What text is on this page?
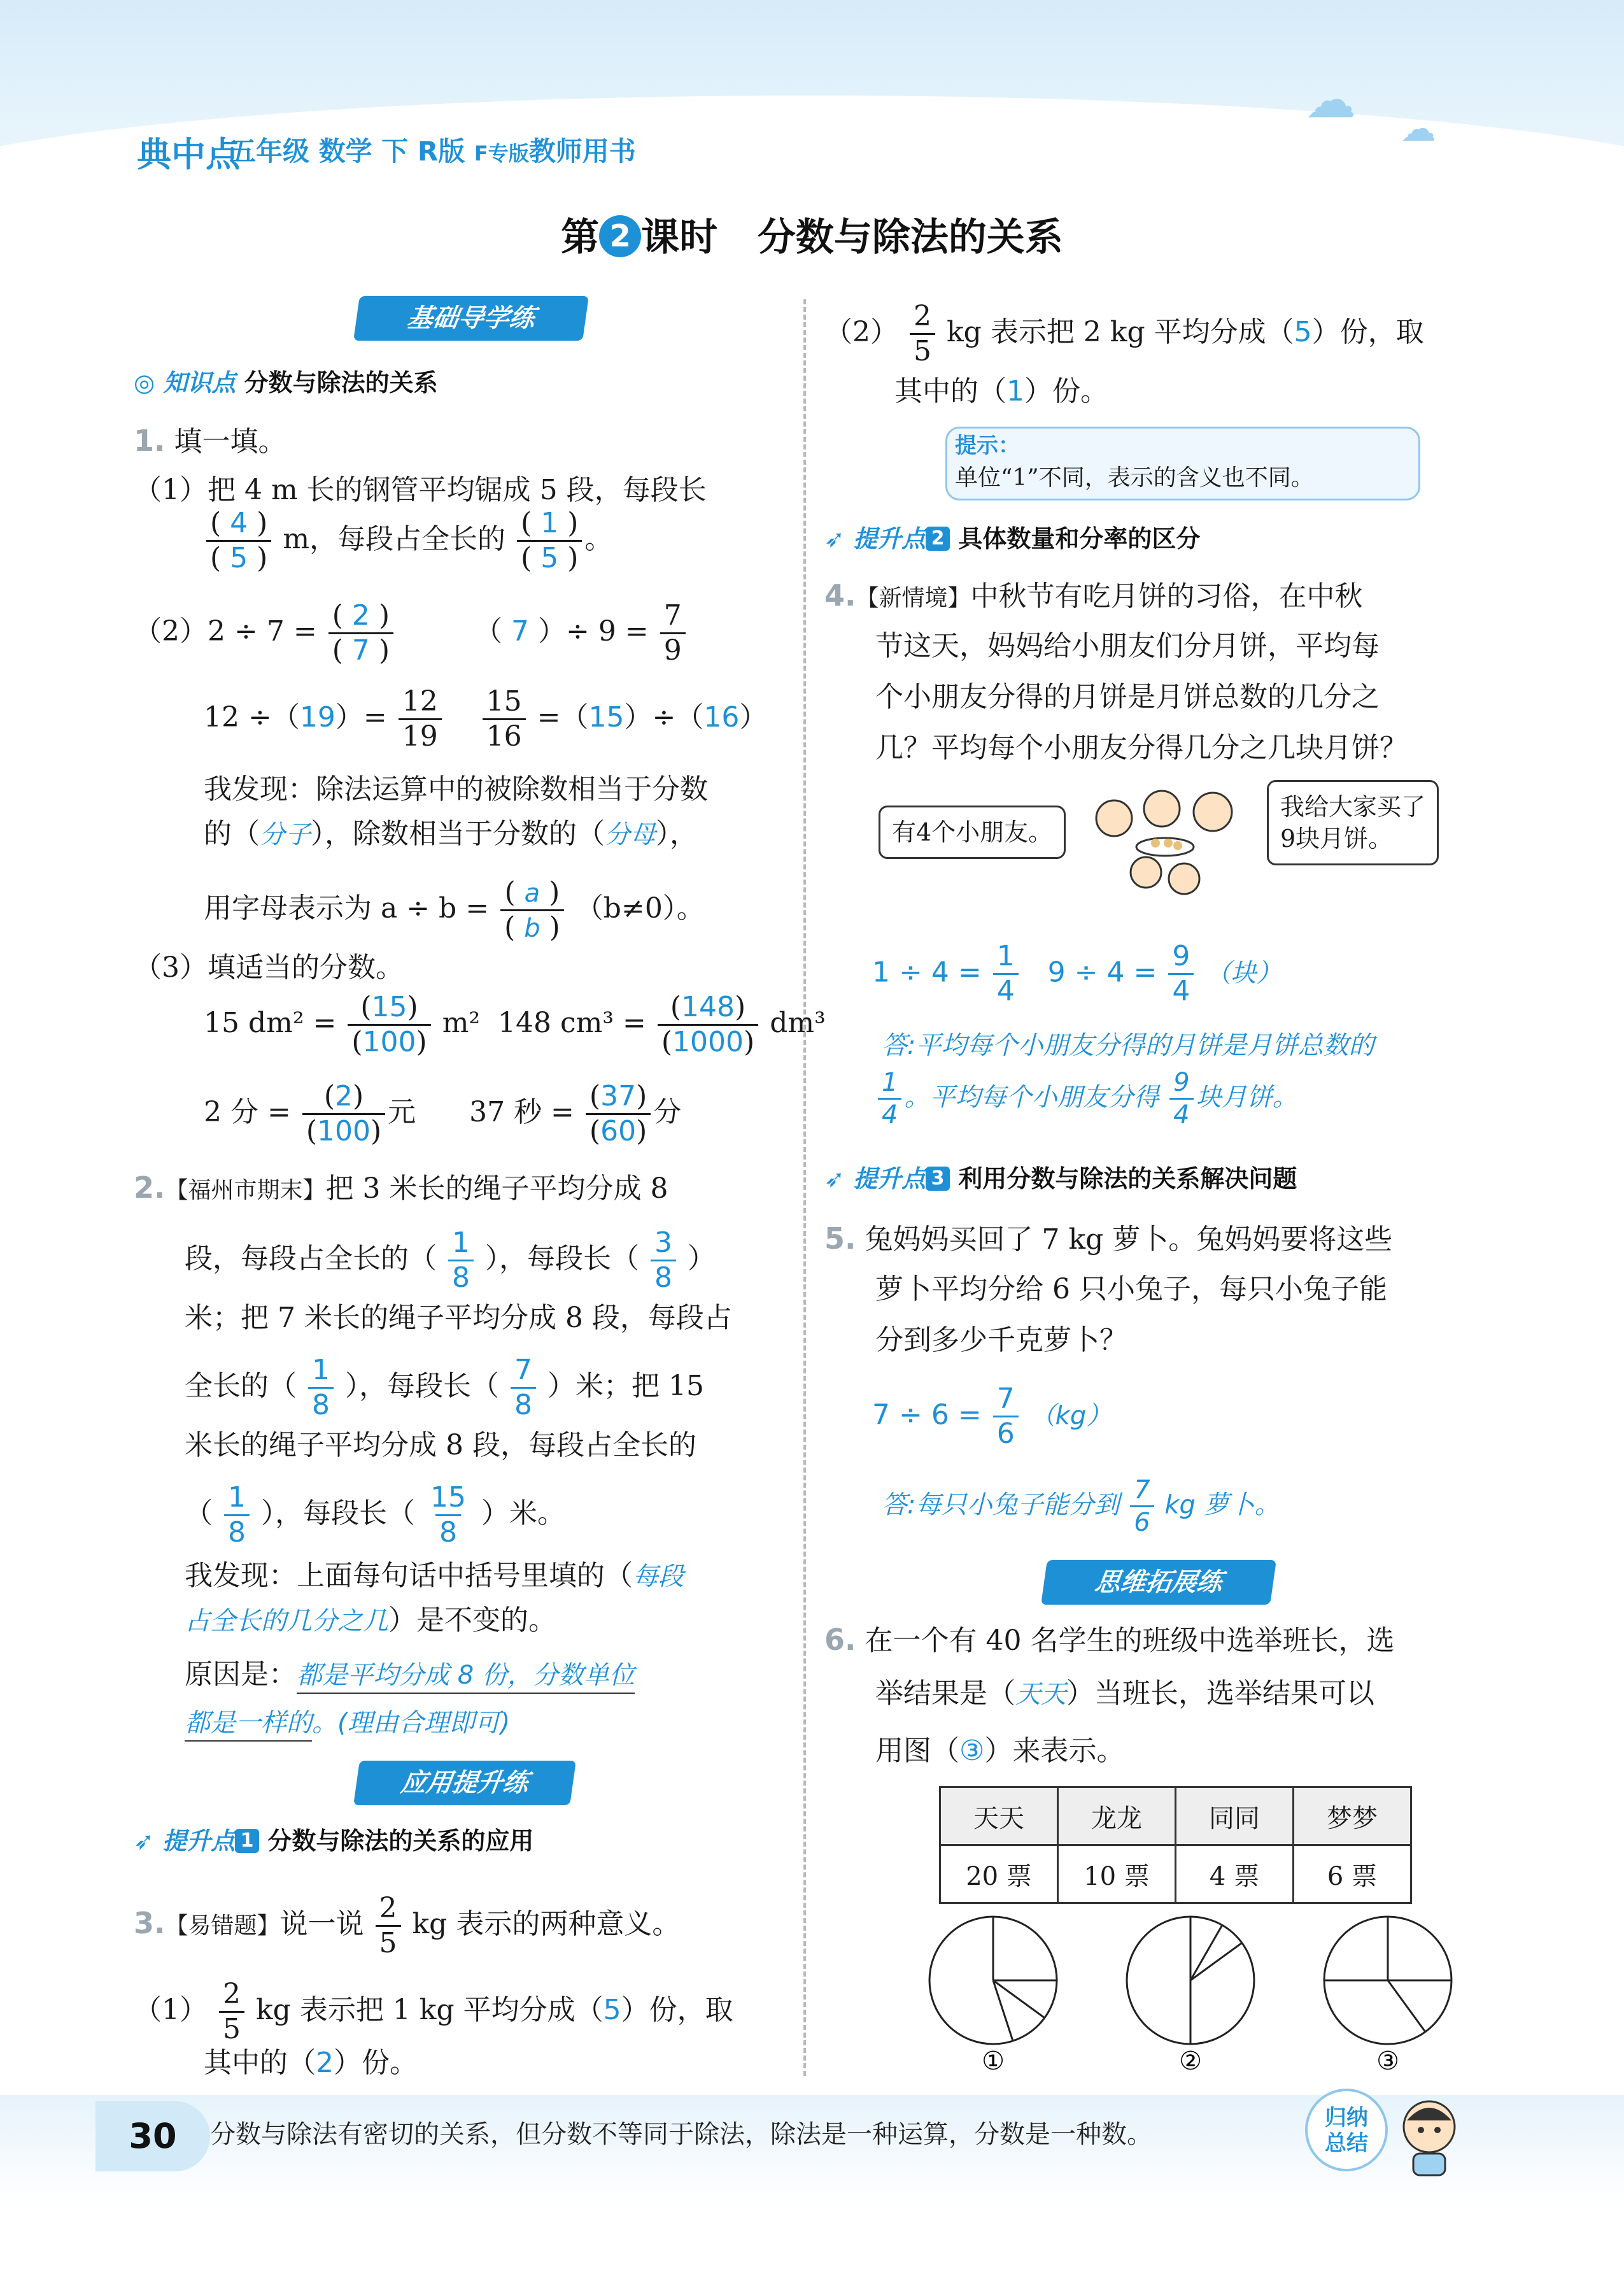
☁ ☁
典中点
五年级 数学 下 R版 F专版教师用书
第 2 课时 分数与除法的关系
基础导学练
◎ 知识点 分数与除法的关系
1. 填一填。
（1）把 4 m 长的钢管平均锯成 5 段，每段长
$\frac{( 4 )}{( 5 )}$ m，每段占全长的 $\frac{( 1 )}{( 5 )}$ 。
$(2)2 \div 7 = \frac{( 2 )}{( 7 )}$	（ 7 ）÷ $9 = \frac{7}{9}$
$12 \div(19)= \frac{12}{19}$
$\frac{15}{16} =(15)\div(16)$
我发现：除法运算中的被除数相当于分数
的（分子），除数相当于分数的（分母），
用字母表示为 $a \div b = \frac{( a )}{( b )} (b\ne 0)$。
（3）填适当的分数。
15 $dm^2 = \frac{(15)}{(100)} m^2$ 148 $cm^3 = \frac{(148)}{(1000)} dm^3$
2 分 = $\frac{(2)}{(100)}$ 元 37 秒 = $\frac{(37)}{(60)}$ 分
2.【福州市期末】把 3 米长的绳子平均分成 8
段，每段占全长的（ $\frac{1}{8}$ ），每段长（ $\frac{3}{8}$ ）
米；把 7 米长的绳子平均分成 8 段，每段占
全长的（ $\frac{1}{8}$ ），每段长（ $\frac{7}{8}$ ）米；把 15
米长的绳子平均分成 8 段，每段占全长的
（ $\frac{1}{8}$ ），每段长（ $\frac{15}{8}$ ）米。
我发现：上面每句话中括号里填的（每段
占全长的几分之几）是不变的。
原因是：都是平均分成 8 份，分数单位
都是一样的。(理由合理即可)
应用提升练
➶ 提升点 1 分数与除法的关系的应用
3.【易错题】说一说 $\frac{2}{5}$ kg 表示的两种意义。
$(1) \frac{2}{5}$ kg 表示把 1 kg 平均分成（5）份，取
其中的（2）份。
$(2) \frac{2}{5}$ kg 表示把 2 kg 平均分成（5）份，取
其中的（1）份。
提示：
单位“1”不同，表示的含义也不同。
➶ 提升点 2 具体数量和分率的区分
4.【新情境】中秋节有吃月饼的习俗，在中秋
节这天，妈妈给小朋友们分月饼，平均每
个小朋友分得的月饼是月饼总数的几分之
几？平均每个小朋友分得几分之几块月饼？
有4个小朋友。
我给大家买了
9块月饼。
$1 \div 4 = \frac{1}{4} 9 \div 4 = \frac{9}{4}$ （块）
答:平均每个小朋友分得的月饼是月饼总数的
$\frac{1}{4}$ 。平均每个小朋友分得 $\frac{9}{4}$ 块月饼。
➶ 提升点 3 利用分数与除法的关系解决问题
5. 兔妈妈买回了 7 kg 萝卜。兔妈妈要将这些
萝卜平均分给 6 只小兔子，每只小兔子能
分到多少千克萝卜？
$7 \div 6 = \frac{7}{6} (kg)$
答:每只小兔子能分到 $\frac{7}{6}$ kg 萝卜。
思维拓展练
6. 在一个有 40 名学生的班级中选举班长，选
举结果是（天天）当班长，选举结果可以
用图（③）来表示。
天天	龙龙	同同	梦梦
20 票	10 票	4 票	6 票
①	②	③
30	分数与除法有密切的关系，但分数不等同于除法，除法是一种运算，分数是一种数。
归纳
总结
